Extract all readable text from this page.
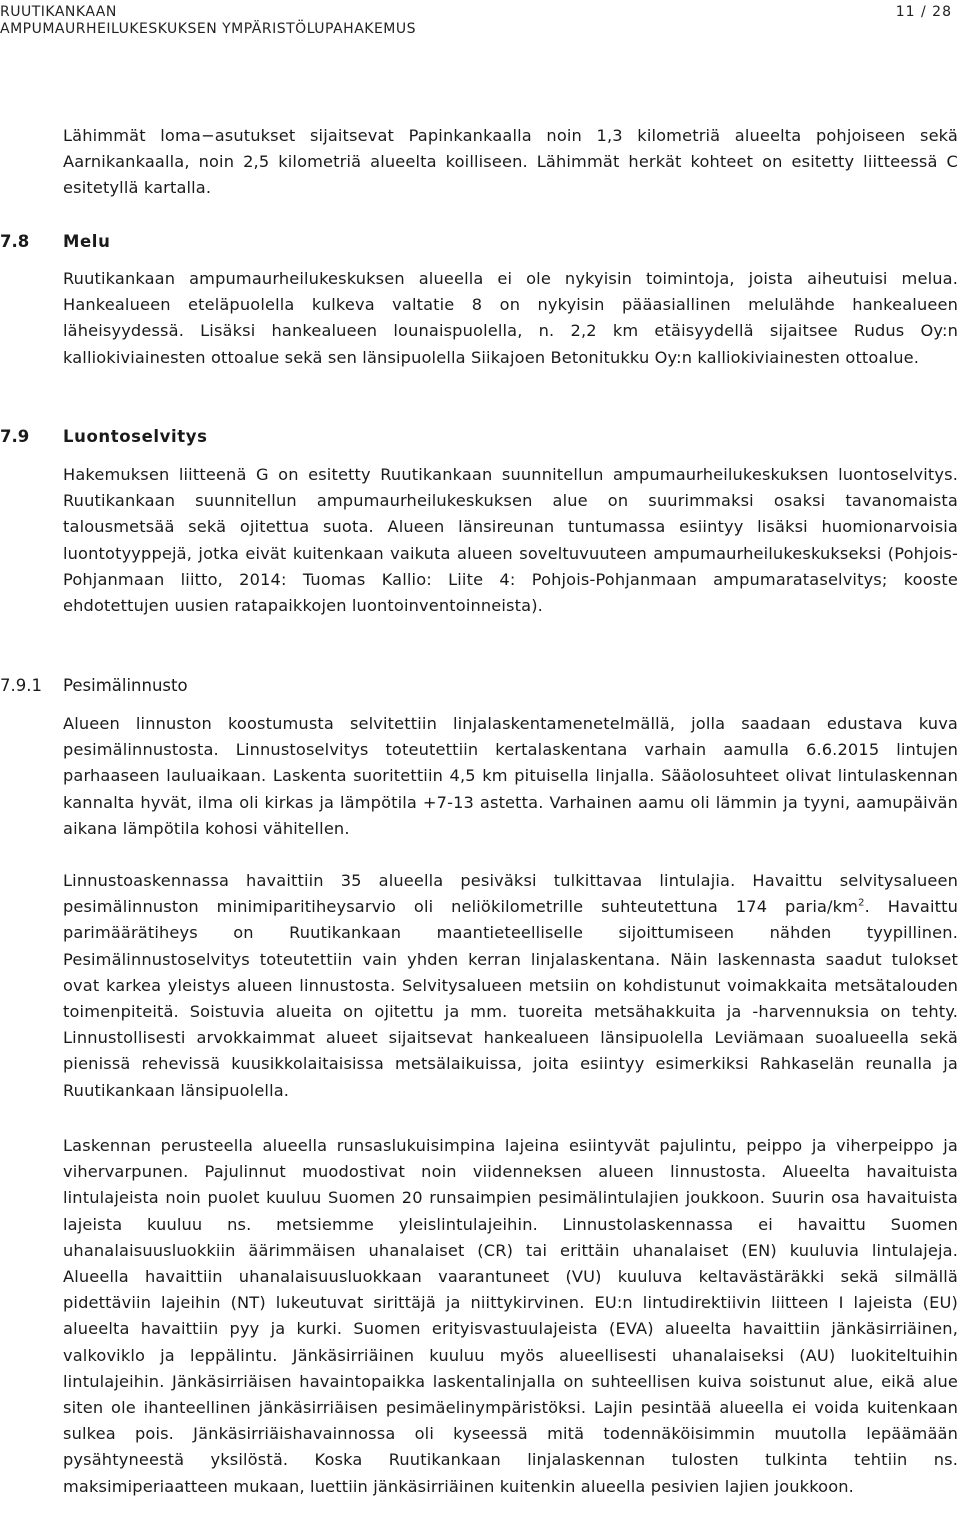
RUUTIKANKAAN
AMPUMAURHEILUKESKUKSEN YMPÄRISTÖLUPAHAKEMUS
11 / 28

Lähimmät loma−asutukset sijaitsevat Papinkankaalla noin 1,3 kilometriä alueelta pohjoiseen sekä Aarnikankaalla, noin 2,5 kilometriä alueelta koilliseen. Lähimmät herkät kohteet on esitetty liitteessä C esitetyllä kartalla.

7.8 Melu

Ruutikankaan ampumaurheilukeskuksen alueella ei ole nykyisin toimintoja, joista aiheutuisi melua. Hankealueen eteläpuolella kulkeva valtatie 8 on nykyisin pääasiallinen melulähde hankealueen läheisyydessä. Lisäksi hankealueen lounaispuolella, n. 2,2 km etäisyydellä sijaitsee Rudus Oy:n kalliokiviainesten ottoalue sekä sen länsipuolella Siikajoen Betonitukku Oy:n kalliokiviainesten ottoalue.

7.9 Luontoselvitys

Hakemuksen liitteenä G on esitetty Ruutikankaan suunnitellun ampumaurheilukeskuksen luontoselvitys. Ruutikankaan suunnitellun ampumaurheilukeskuksen alue on suurimmaksi osaksi tavanomaista talousmetsää sekä ojitettua suota. Alueen länsireunan tuntumassa esiintyy lisäksi huomionarvoisia luontotyyppejä, jotka eivät kuitenkaan vaikuta alueen soveltuvuuteen ampumaurheilukeskukseksi (Pohjois-Pohjanmaan liitto, 2014: Tuomas Kallio: Liite 4: Pohjois-Pohjanmaan ampumarataselvitys; kooste ehdotettujen uusien ratapaikkojen luontoinventoinneista).

7.9.1 Pesimälinnusto

Alueen linnuston koostumusta selvitettiin linjalaskentamenetelmällä, jolla saadaan edustava kuva pesimälinnustosta. Linnustoselvitys toteutettiin kertalaskentana varhain aamulla 6.6.2015 lintujen parhaaseen lauluaikaan. Laskenta suoritettiin 4,5 km pituisella linjalla. Sääolosuhteet olivat lintulaskennan kannalta hyvät, ilma oli kirkas ja lämpötila +7-13 astetta. Varhainen aamu oli lämmin ja tyyni, aamupäivän aikana lämpötila kohosi vähitellen.

Linnustoaskennassa havaittiin 35 alueella pesiväksi tulkittavaa lintulajia. Havaittu selvitysalueen pesimälinnuston minimiparitiheysarvio oli neliökilometrille suhteutettuna 174 paria/$km^2$. Havaittu parimäärätiheys on Ruutikankaan maantieteelliselle sijoittumiseen nähden tyypillinen. Pesimälinnustoselvitys toteutettiin vain yhden kerran linjalaskentana. Näin laskennasta saadut tulokset ovat karkea yleistys alueen linnustosta. Selvitysalueen metsiin on kohdistunut voimakkaita metsätalouden toimenpiteitä. Soistuvia alueita on ojitettu ja mm. tuoreita metsähakkuita ja -harvennuksia on tehty. Linnustollisesti arvokkaimmat alueet sijaitsevat hankealueen länsipuolella Leviämaan suoalueella sekä pienissä rehevissä kuusikkolaitaisissa metsälaikuissa, joita esiintyy esimerkiksi Rahkaselän reunalla ja Ruutikankaan länsipuolella.

Laskennan perusteella alueella runsaslukuisimpina lajeina esiintyvät pajulintu, peippo ja viherpeippo ja vihervarpunen. Pajulinnut muodostivat noin viidenneksen alueen linnustosta. Alueelta havaituista lintulajeista noin puolet kuuluu Suomen 20 runsaimpien pesimälintulajien joukkoon. Suurin osa havaituista lajeista kuuluu ns. metsiemme yleislintulajeihin. Linnustolaskennassa ei havaittu Suomen uhanalaisuusluokkiin äärimmäisen uhanalaiset (CR) tai erittäin uhanalaiset (EN) kuuluvia lintulajeja. Alueella havaittiin uhanalaisuusluokkaan vaarantuneet (VU) kuuluva keltavästäräkki sekä silmällä pidettäviin lajeihin (NT) lukeutuvat sirittäjä ja niittykirvinen. EU:n lintudirektiivin liitteen I lajeista (EU) alueelta havaittiin pyy ja kurki. Suomen erityisvastuulajeista (EVA) alueelta havaittiin jänkäsirriäinen, valkoviklo ja leppälintu. Jänkäsirriäinen kuuluu myös alueellisesti uhanalaiseksi (AU) luokiteltuihin lintulajeihin. Jänkäsirriäisen havaintopaikka laskentalinjalla on suhteellisen kuiva soistunut alue, eikä alue siten ole ihanteellinen jänkäsirriäisen pesimäelinympäristöksi. Lajin pesintää alueella ei voida kuitenkaan sulkea pois. Jänkäsirriäishavainnossa oli kyseessä mitä todennäköisimmin muutolla lepäämään pysähtyneestä yksilöstä. Koska Ruutikankaan linjalaskennan tulosten tulkinta tehtiin ns. maksimiperiaatteen mukaan, luettiin jänkäsirriäinen kuitenkin alueella pesivien lajien joukkoon.
